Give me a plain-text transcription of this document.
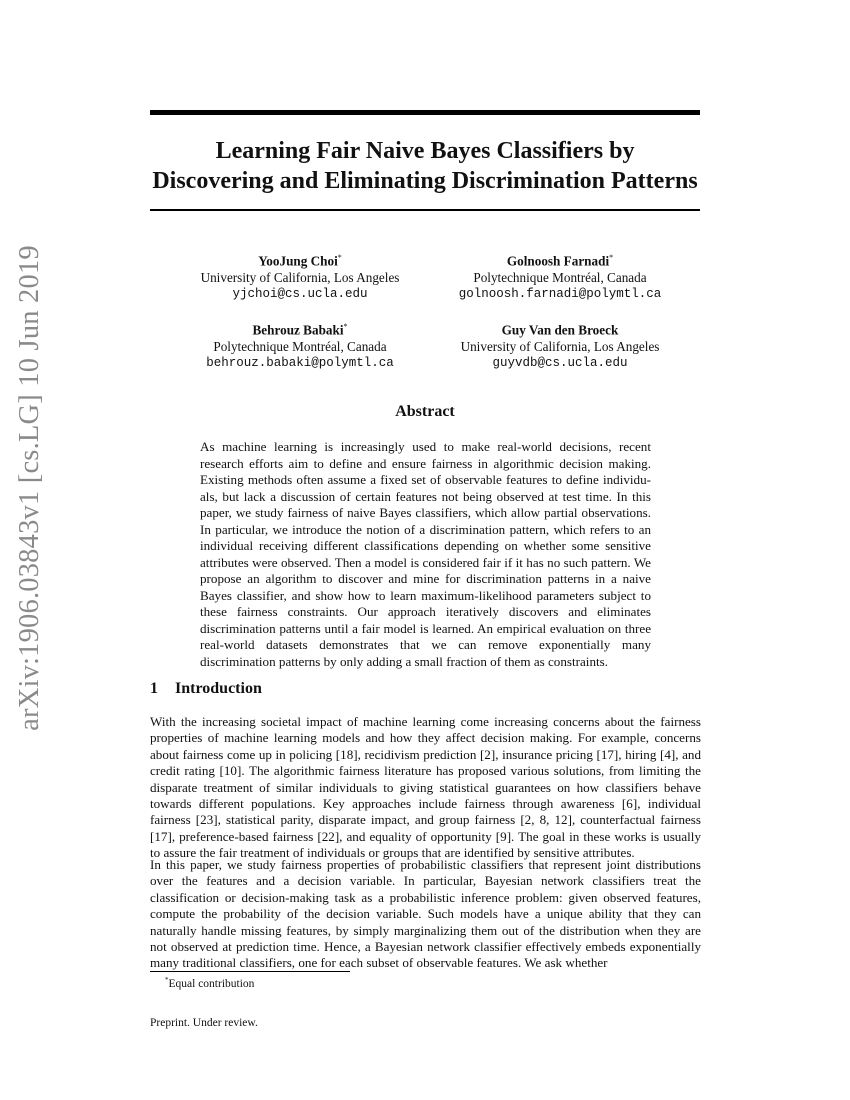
arXiv:1906.03843v1 [cs.LG] 10 Jun 2019
Learning Fair Naive Bayes Classifiers by
Discovering and Eliminating Discrimination Patterns
YooJung Choi*
University of California, Los Angeles
yjchoi@cs.ucla.edu
Golnoosh Farnadi*
Polytechnique Montréal, Canada
golnoosh.farnadi@polymtl.ca
Behrouz Babaki*
Polytechnique Montréal, Canada
behrouz.babaki@polymtl.ca
Guy Van den Broeck
University of California, Los Angeles
guyvdb@cs.ucla.edu
Abstract
As machine learning is increasingly used to make real-world decisions, recent research efforts aim to define and ensure fairness in algorithmic decision making. Existing methods often assume a fixed set of observable features to define individuals, but lack a discussion of certain features not being observed at test time. In this paper, we study fairness of naive Bayes classifiers, which allow partial observations. In particular, we introduce the notion of a discrimination pattern, which refers to an individual receiving different classifications depending on whether some sensitive attributes were observed. Then a model is considered fair if it has no such pattern. We propose an algorithm to discover and mine for discrimination patterns in a naive Bayes classifier, and show how to learn maximum-likelihood parameters subject to these fairness constraints. Our approach iteratively discovers and eliminates discrimination patterns until a fair model is learned. An empirical evaluation on three real-world datasets demonstrates that we can remove exponentially many discrimination patterns by only adding a small fraction of them as constraints.
1 Introduction
With the increasing societal impact of machine learning come increasing concerns about the fairness properties of machine learning models and how they affect decision making. For example, concerns about fairness come up in policing [18], recidivism prediction [2], insurance pricing [17], hiring [4], and credit rating [10]. The algorithmic fairness literature has proposed various solutions, from limiting the disparate treatment of similar individuals to giving statistical guarantees on how classifiers behave towards different populations. Key approaches include fairness through awareness [6], individual fairness [23], statistical parity, disparate impact, and group fairness [2, 8, 12], counterfactual fairness [17], preference-based fairness [22], and equality of opportunity [9]. The goal in these works is usually to assure the fair treatment of individuals or groups that are identified by sensitive attributes.
In this paper, we study fairness properties of probabilistic classifiers that represent joint distributions over the features and a decision variable. In particular, Bayesian network classifiers treat the classification or decision-making task as a probabilistic inference problem: given observed features, compute the probability of the decision variable. Such models have a unique ability that they can naturally handle missing features, by simply marginalizing them out of the distribution when they are not observed at prediction time. Hence, a Bayesian network classifier effectively embeds exponentially many traditional classifiers, one for each subset of observable features. We ask whether
*Equal contribution
Preprint. Under review.
